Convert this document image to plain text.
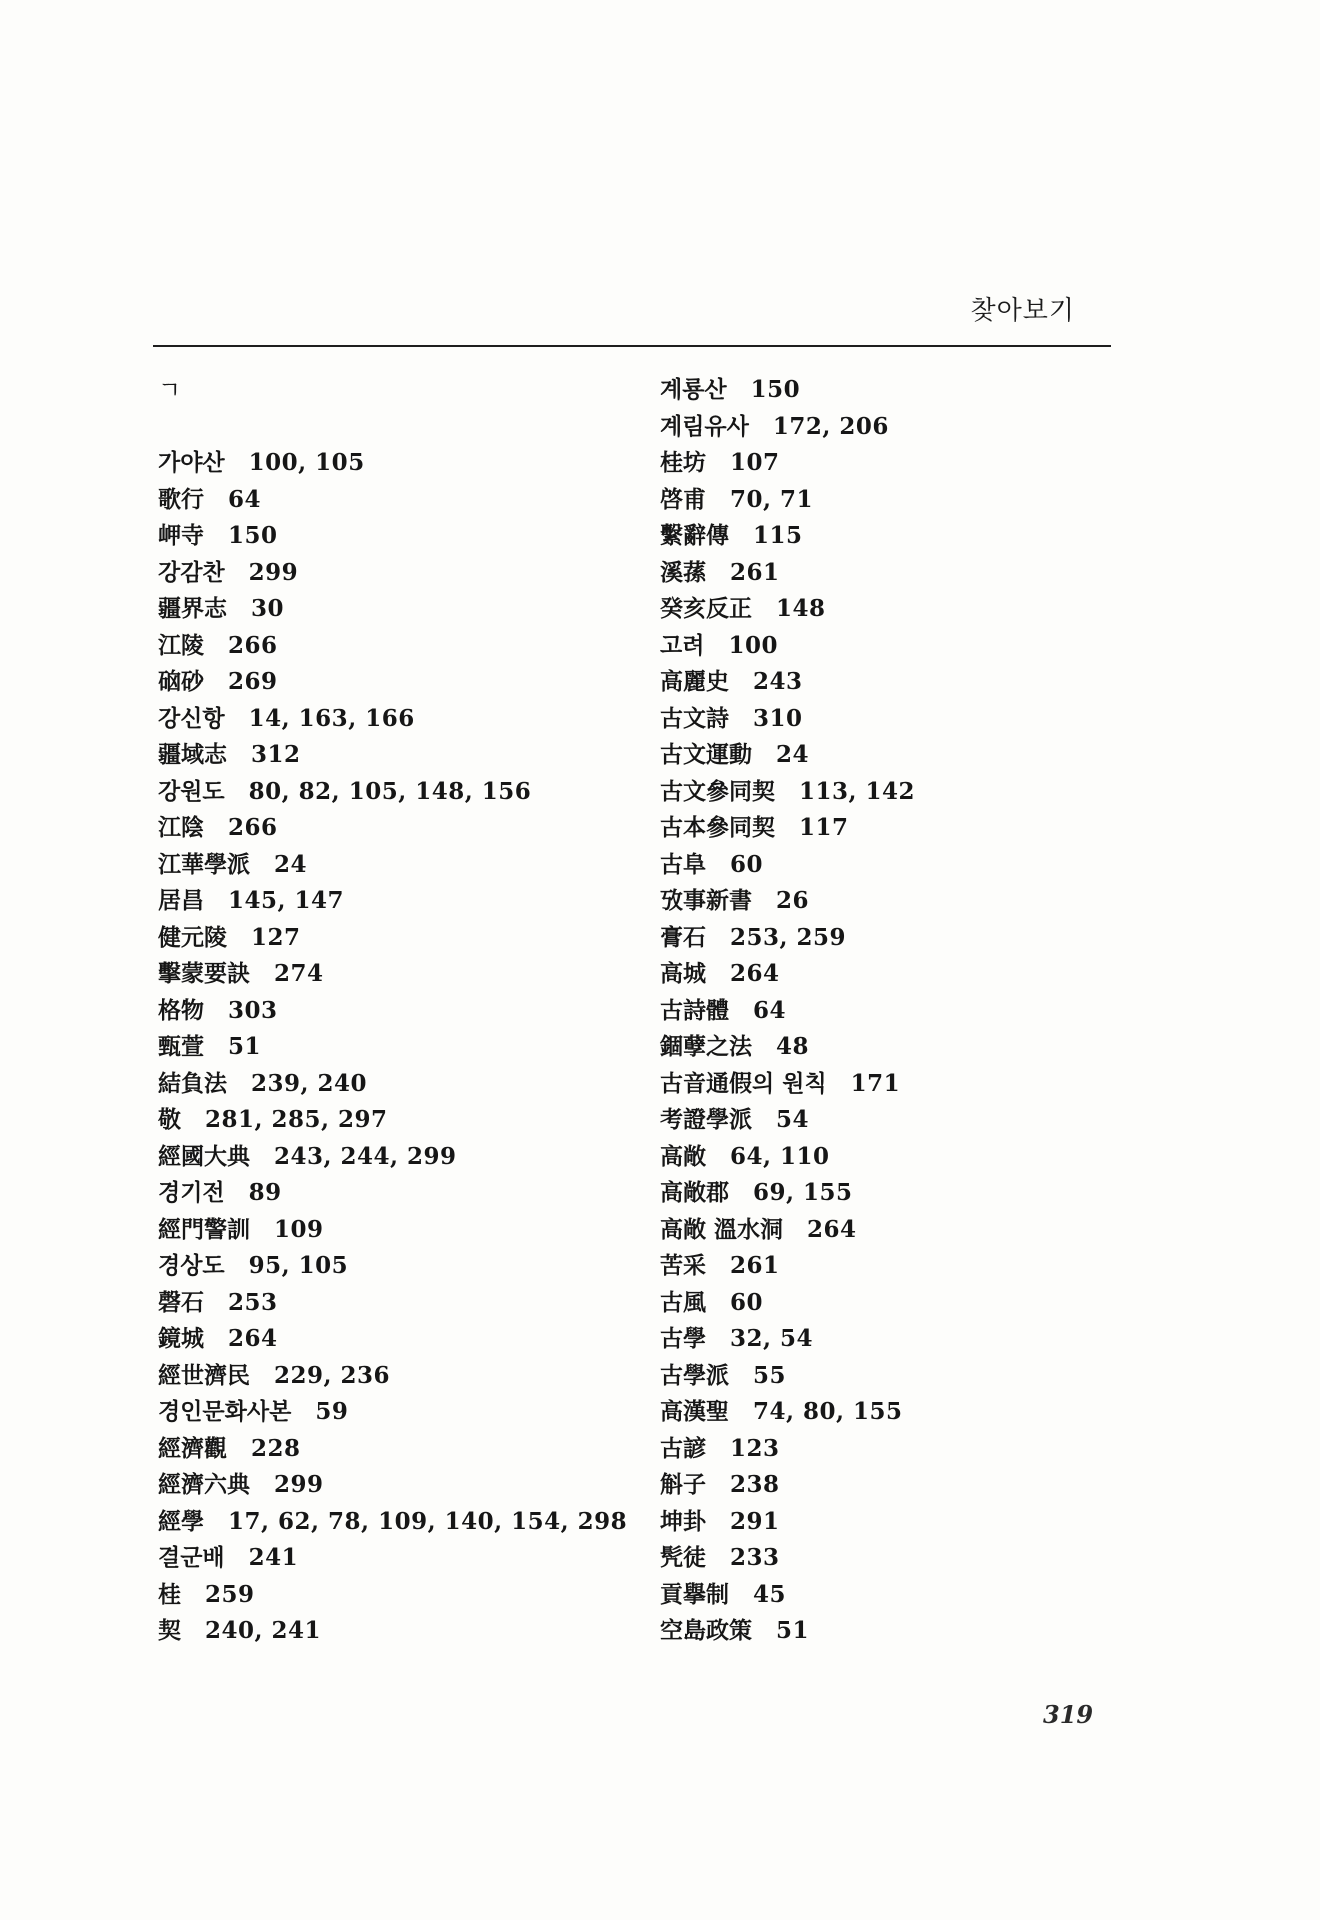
찾아보기
ㄱ
가야산 100, 105
歌行 64
岬寺 150
강감찬 299
疆界志 30
江陵 266
硇砂 269
강신항 14, 163, 166
疆域志 312
강원도 80, 82, 105, 148, 156
江陰 266
江華學派 24
居昌 145, 147
健元陵 127
擊蒙要訣 274
格物 303
甄萱 51
結負法 239, 240
敬 281, 285, 297
經國大典 243, 244, 299
경기전 89
經門警訓 109
경상도 95, 105
磬石 253
鏡城 264
經世濟民 229, 236
경인문화사본 59
經濟觀 228
經濟六典 299
經學 17, 62, 78, 109, 140, 154, 298
결군배 241
桂 259
契 240, 241
계룡산 150
계림유사 172, 206
桂坊 107
啓甫 70, 71
繫辭傳 115
溪蓀 261
癸亥反正 148
고려 100
高麗史 243
古文詩 310
古文運動 24
古文參同契 113, 142
古本參同契 117
古阜 60
攷事新書 26
膏石 253, 259
高城 264
古詩體 64
錮孽之法 48
古音通假의 원칙 171
考證學派 54
高敞 64, 110
高敞郡 69, 155
高敞 溫水洞 264
苦采 261
古風 60
古學 32, 54
古學派 55
高漢聖 74, 80, 155
古諺 123
斛子 238
坤卦 291
髠徒 233
貢擧制 45
空島政策 51
319
